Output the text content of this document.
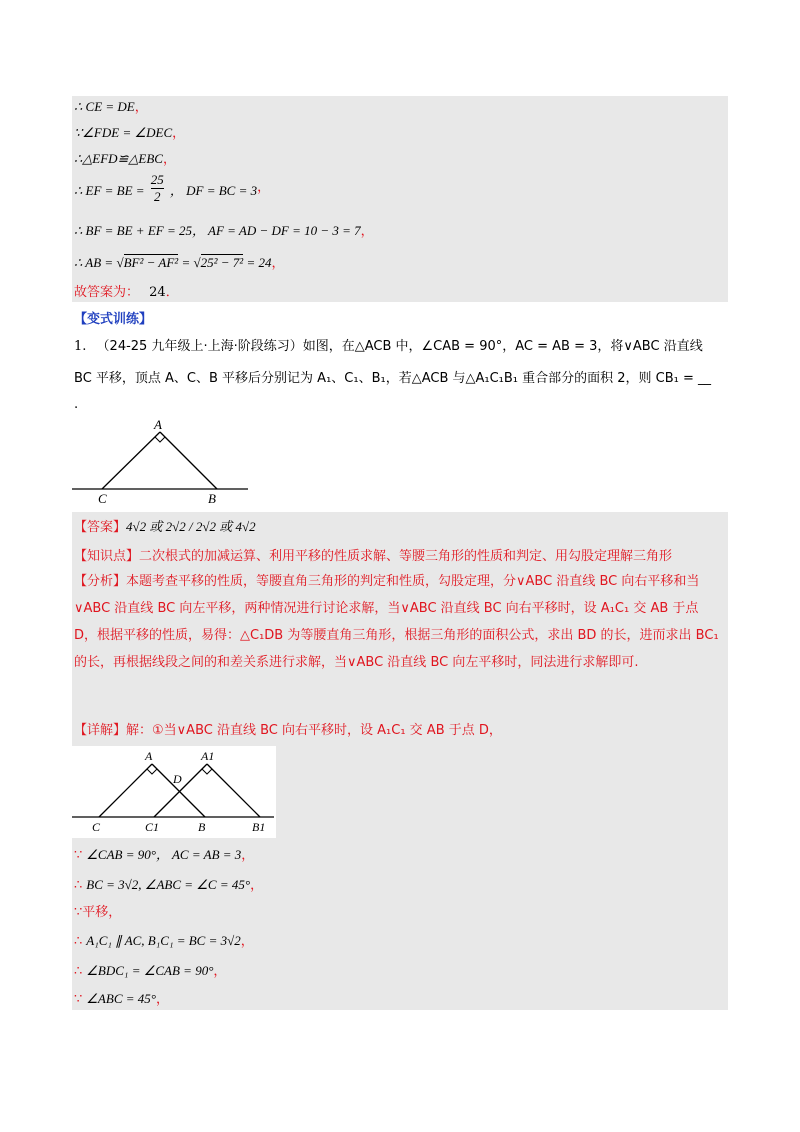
∴ CE = DE，
∵∠FDE = ∠DEC，
∴△EFD≌△EBC，
∴ EF = BE = $\frac{25}{2}$ ， DF = BC = 3，
∴ BF = BE + EF = 25， AF = AD − DF = 10 − 3 = 7，
∴ AB = √BF² − AF² = √25² − 7² = 24，
故答案为： 24．
【变式训练】
1. （24-25 九年级上·上海·阶段练习）如图，在△ACB 中，∠CAB = 90°，AC = AB = 3，将∨ABC 沿直线
BC 平移，顶点 A、C、B 平移后分别记为 A₁、C₁、B₁，若△ACB 与△A₁C₁B₁ 重合部分的面积 2，则 CB₁ = __
.
A
C	B
【答案】4√2 或 2√2 / 2√2 或 4√2
【知识点】二次根式的加减运算、利用平移的性质求解、等腰三角形的性质和判定、用勾股定理解三角形
【分析】本题考查平移的性质，等腰直角三角形的判定和性质，勾股定理，分∨ABC 沿直线 BC 向右平移和当∨ABC 沿直线 BC 向左平移，两种情况进行讨论求解，当∨ABC 沿直线 BC 向右平移时，设 A₁C₁ 交 AB 于点 D，根据平移的性质，易得：△C₁DB 为等腰直角三角形，根据三角形的面积公式，求出 BD 的长，进而求出 BC₁ 的长，再根据线段之间的和差关系进行求解，当∨ABC 沿直线 BC 向左平移时，同法进行求解即可.
【详解】解：①当∨ABC 沿直线 BC 向右平移时，设 A₁C₁ 交 AB 于点 D，
A	A1
D
C	C1	B	B1
∵ ∠CAB = 90°， AC = AB = 3，
∴ BC = 3√2, ∠ABC = ∠C = 45°，
∵平移，
∴ A₁C₁ ∥ AC, B₁C₁ = BC = 3√2，
∴ ∠BDC₁ = ∠CAB = 90°，
∵ ∠ABC = 45°，
